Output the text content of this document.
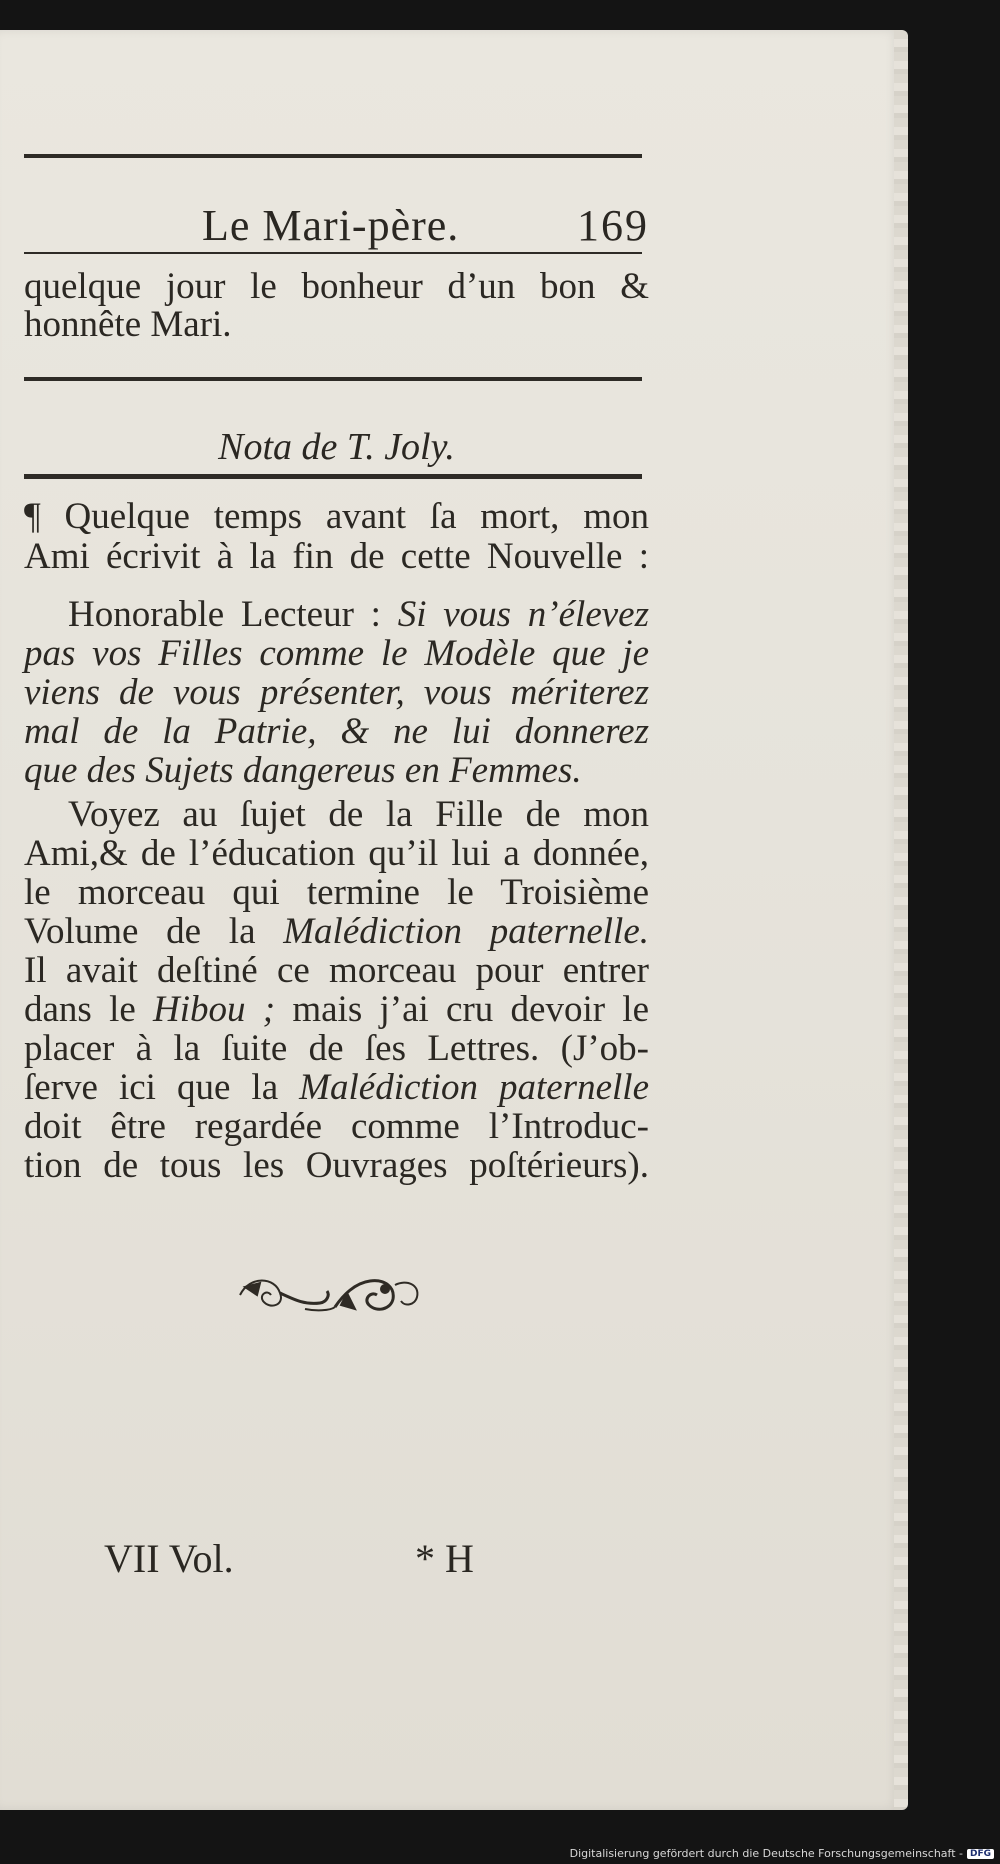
Le Mari-père.	169
quelque jour le bonheur d’un bon &
honnête Mari.
Nota de T. Joly.
¶ Quelque temps avant ſa mort, mon
Ami écrivit à la fin de cette Nouvelle :
Honorable Lecteur : Si vous n’élevez
pas vos Filles comme le Modèle que je
viens de vous présenter, vous mériterez
mal de la Patrie, & ne lui donnerez
que des Sujets dangereus en Femmes.
Voyez au ſujet de la Fille de mon
Ami,& de l’éducation qu’il lui a donnée,
le morceau qui termine le Troisième
Volume de la Malédiction paternelle.
Il avait deſtiné ce morceau pour entrer
dans le Hibou ; mais j’ai cru devoir le
placer à la ſuite de ſes Lettres. (J’ob-
ſerve ici que la Malédiction paternelle
doit être regardée comme l’Introduc-
tion de tous les Ouvrages poſtérieurs).
VII Vol.	* H
Digitalisierung gefördert durch die Deutsche Forschungsgemeinschaft - DFG
